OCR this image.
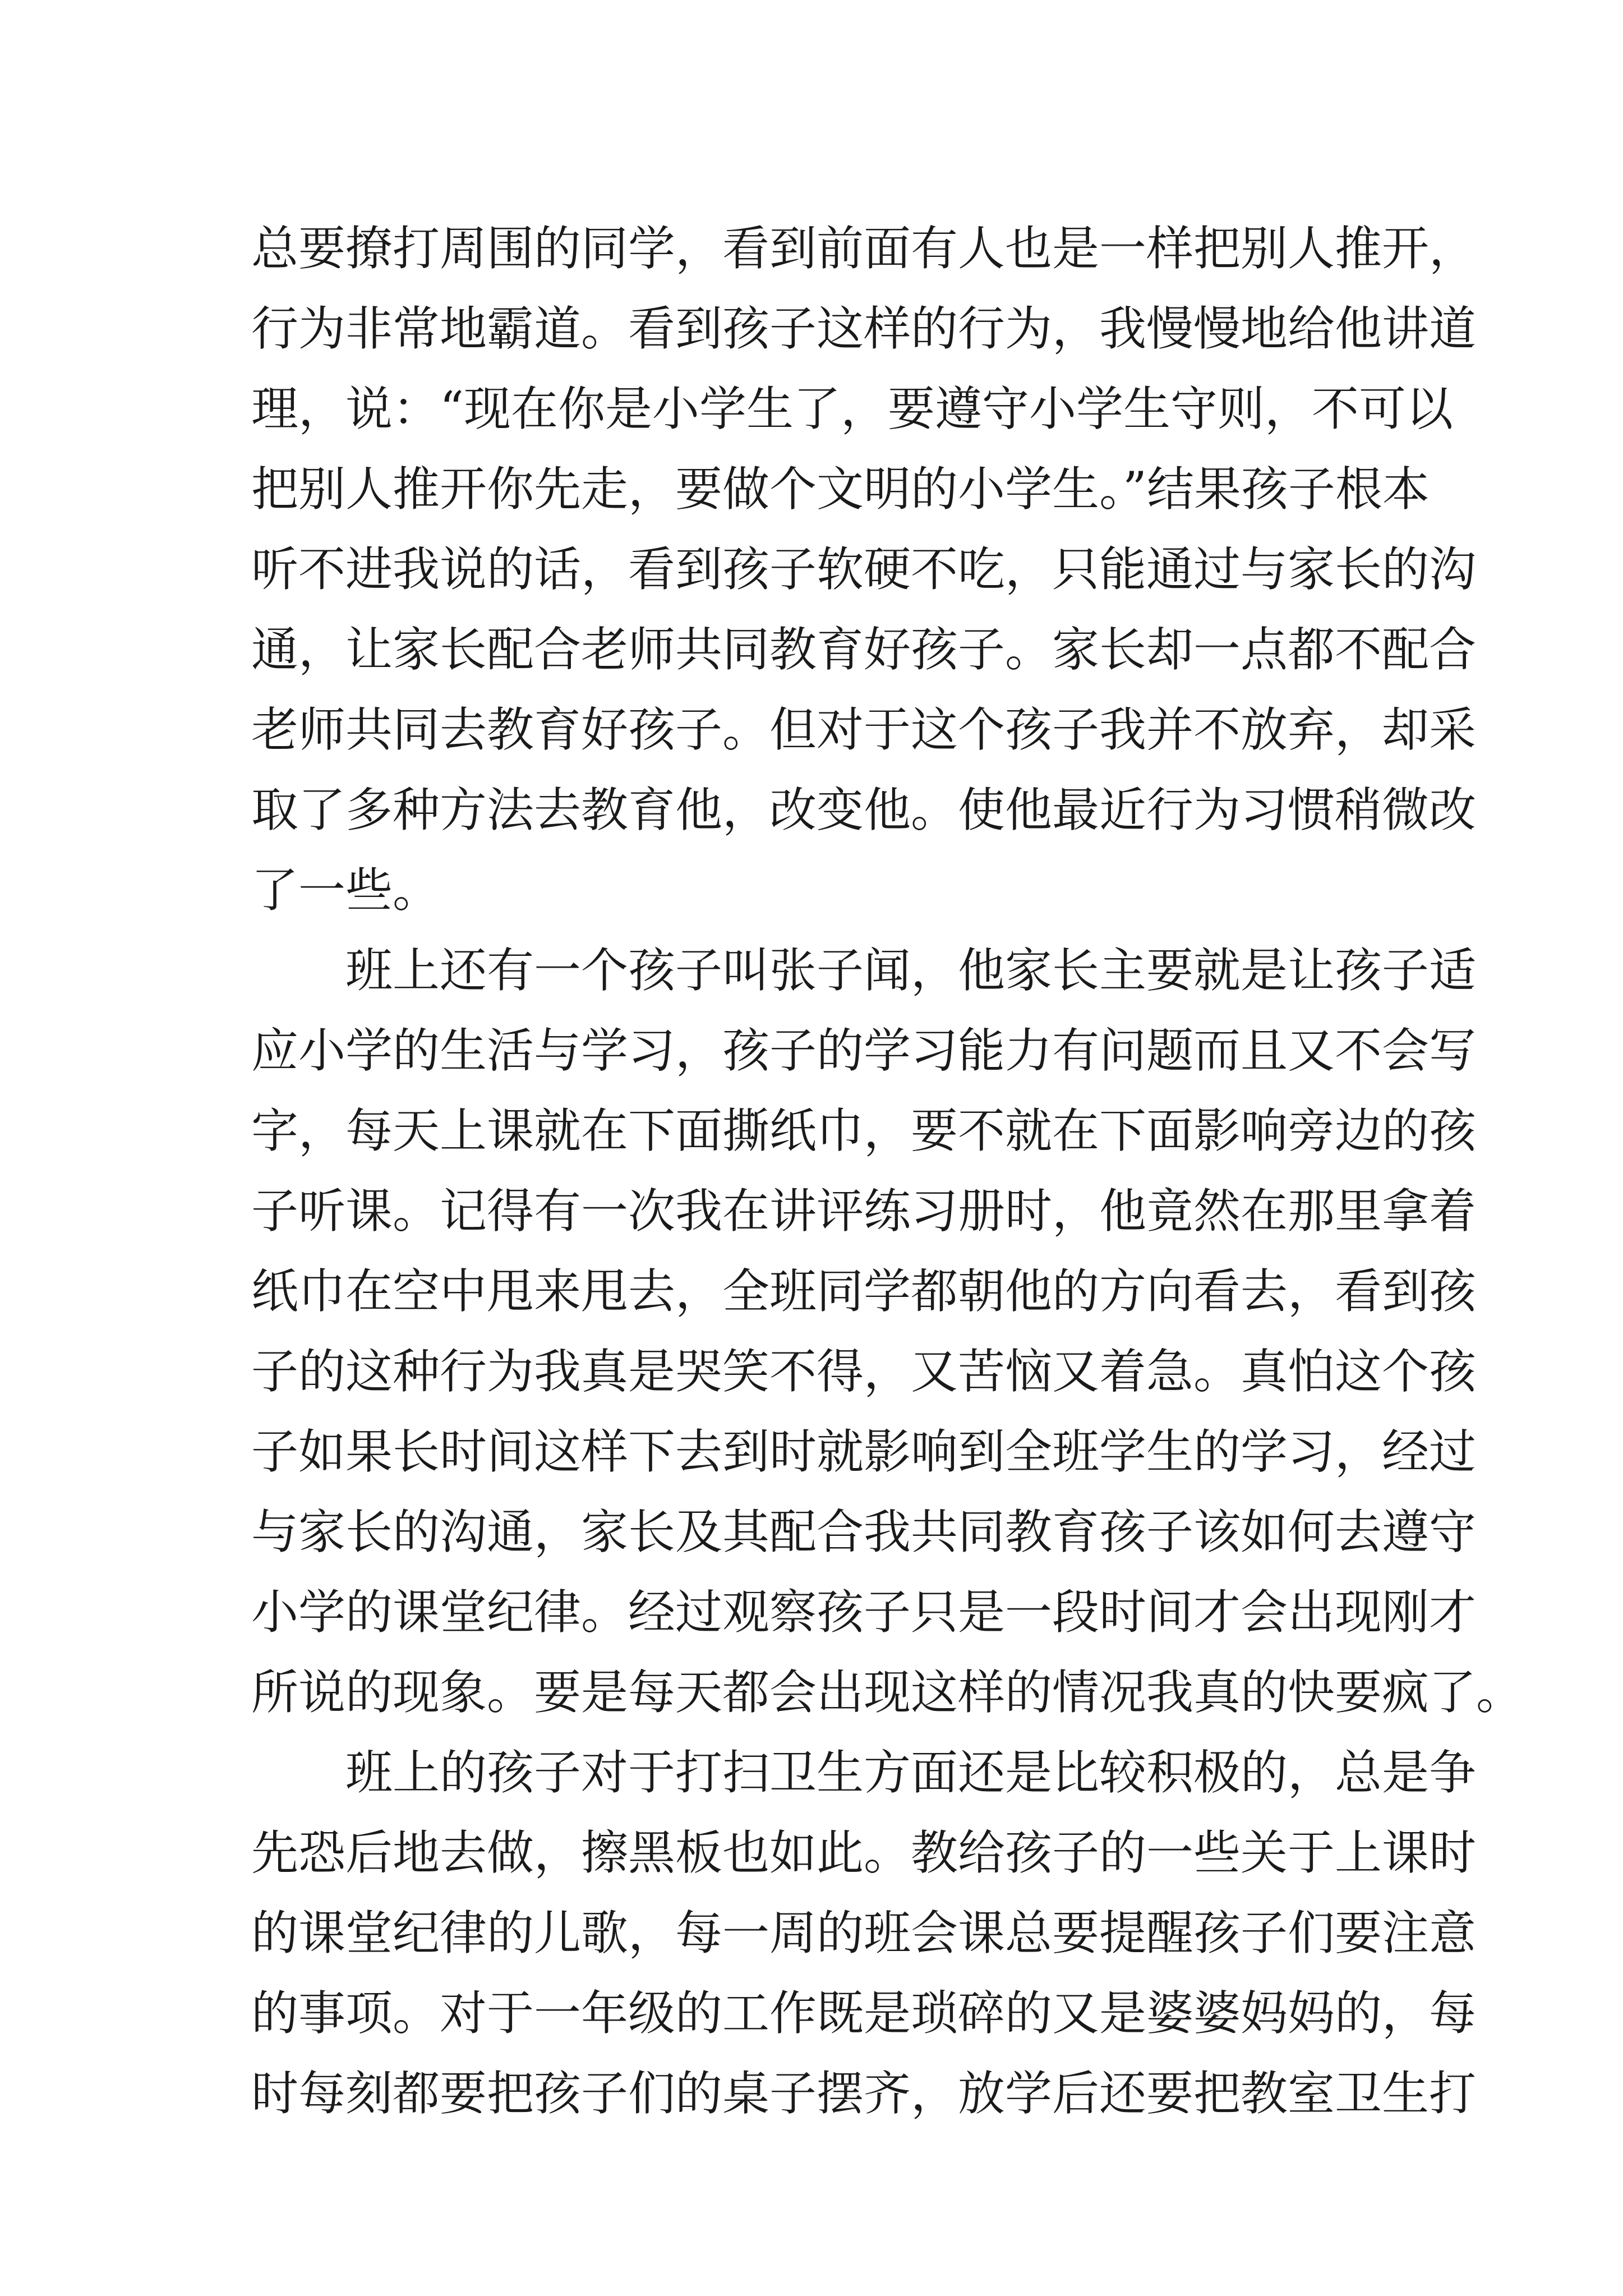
总要撩打周围的同学，看到前面有人也是一样把别人推开，
行为非常地霸道。看到孩子这样的行为，我慢慢地给他讲道
理，说：“现在你是小学生了，要遵守小学生守则，不可以
把别人推开你先走，要做个文明的小学生。”结果孩子根本
听不进我说的话，看到孩子软硬不吃，只能通过与家长的沟
通，让家长配合老师共同教育好孩子。家长却一点都不配合
老师共同去教育好孩子。但对于这个孩子我并不放弃，却采
取了多种方法去教育他，改变他。使他最近行为习惯稍微改
了一些。
班上还有一个孩子叫张子闻，他家长主要就是让孩子适
应小学的生活与学习，孩子的学习能力有问题而且又不会写
字，每天上课就在下面撕纸巾，要不就在下面影响旁边的孩
子听课。记得有一次我在讲评练习册时，他竟然在那里拿着
纸巾在空中甩来甩去，全班同学都朝他的方向看去，看到孩
子的这种行为我真是哭笑不得，又苦恼又着急。真怕这个孩
子如果长时间这样下去到时就影响到全班学生的学习，经过
与家长的沟通，家长及其配合我共同教育孩子该如何去遵守
小学的课堂纪律。经过观察孩子只是一段时间才会出现刚才
所说的现象。要是每天都会出现这样的情况我真的快要疯了。
班上的孩子对于打扫卫生方面还是比较积极的，总是争
先恐后地去做，擦黑板也如此。教给孩子的一些关于上课时
的课堂纪律的儿歌，每一周的班会课总要提醒孩子们要注意
的事项。对于一年级的工作既是琐碎的又是婆婆妈妈的，每
时每刻都要把孩子们的桌子摆齐，放学后还要把教室卫生打
